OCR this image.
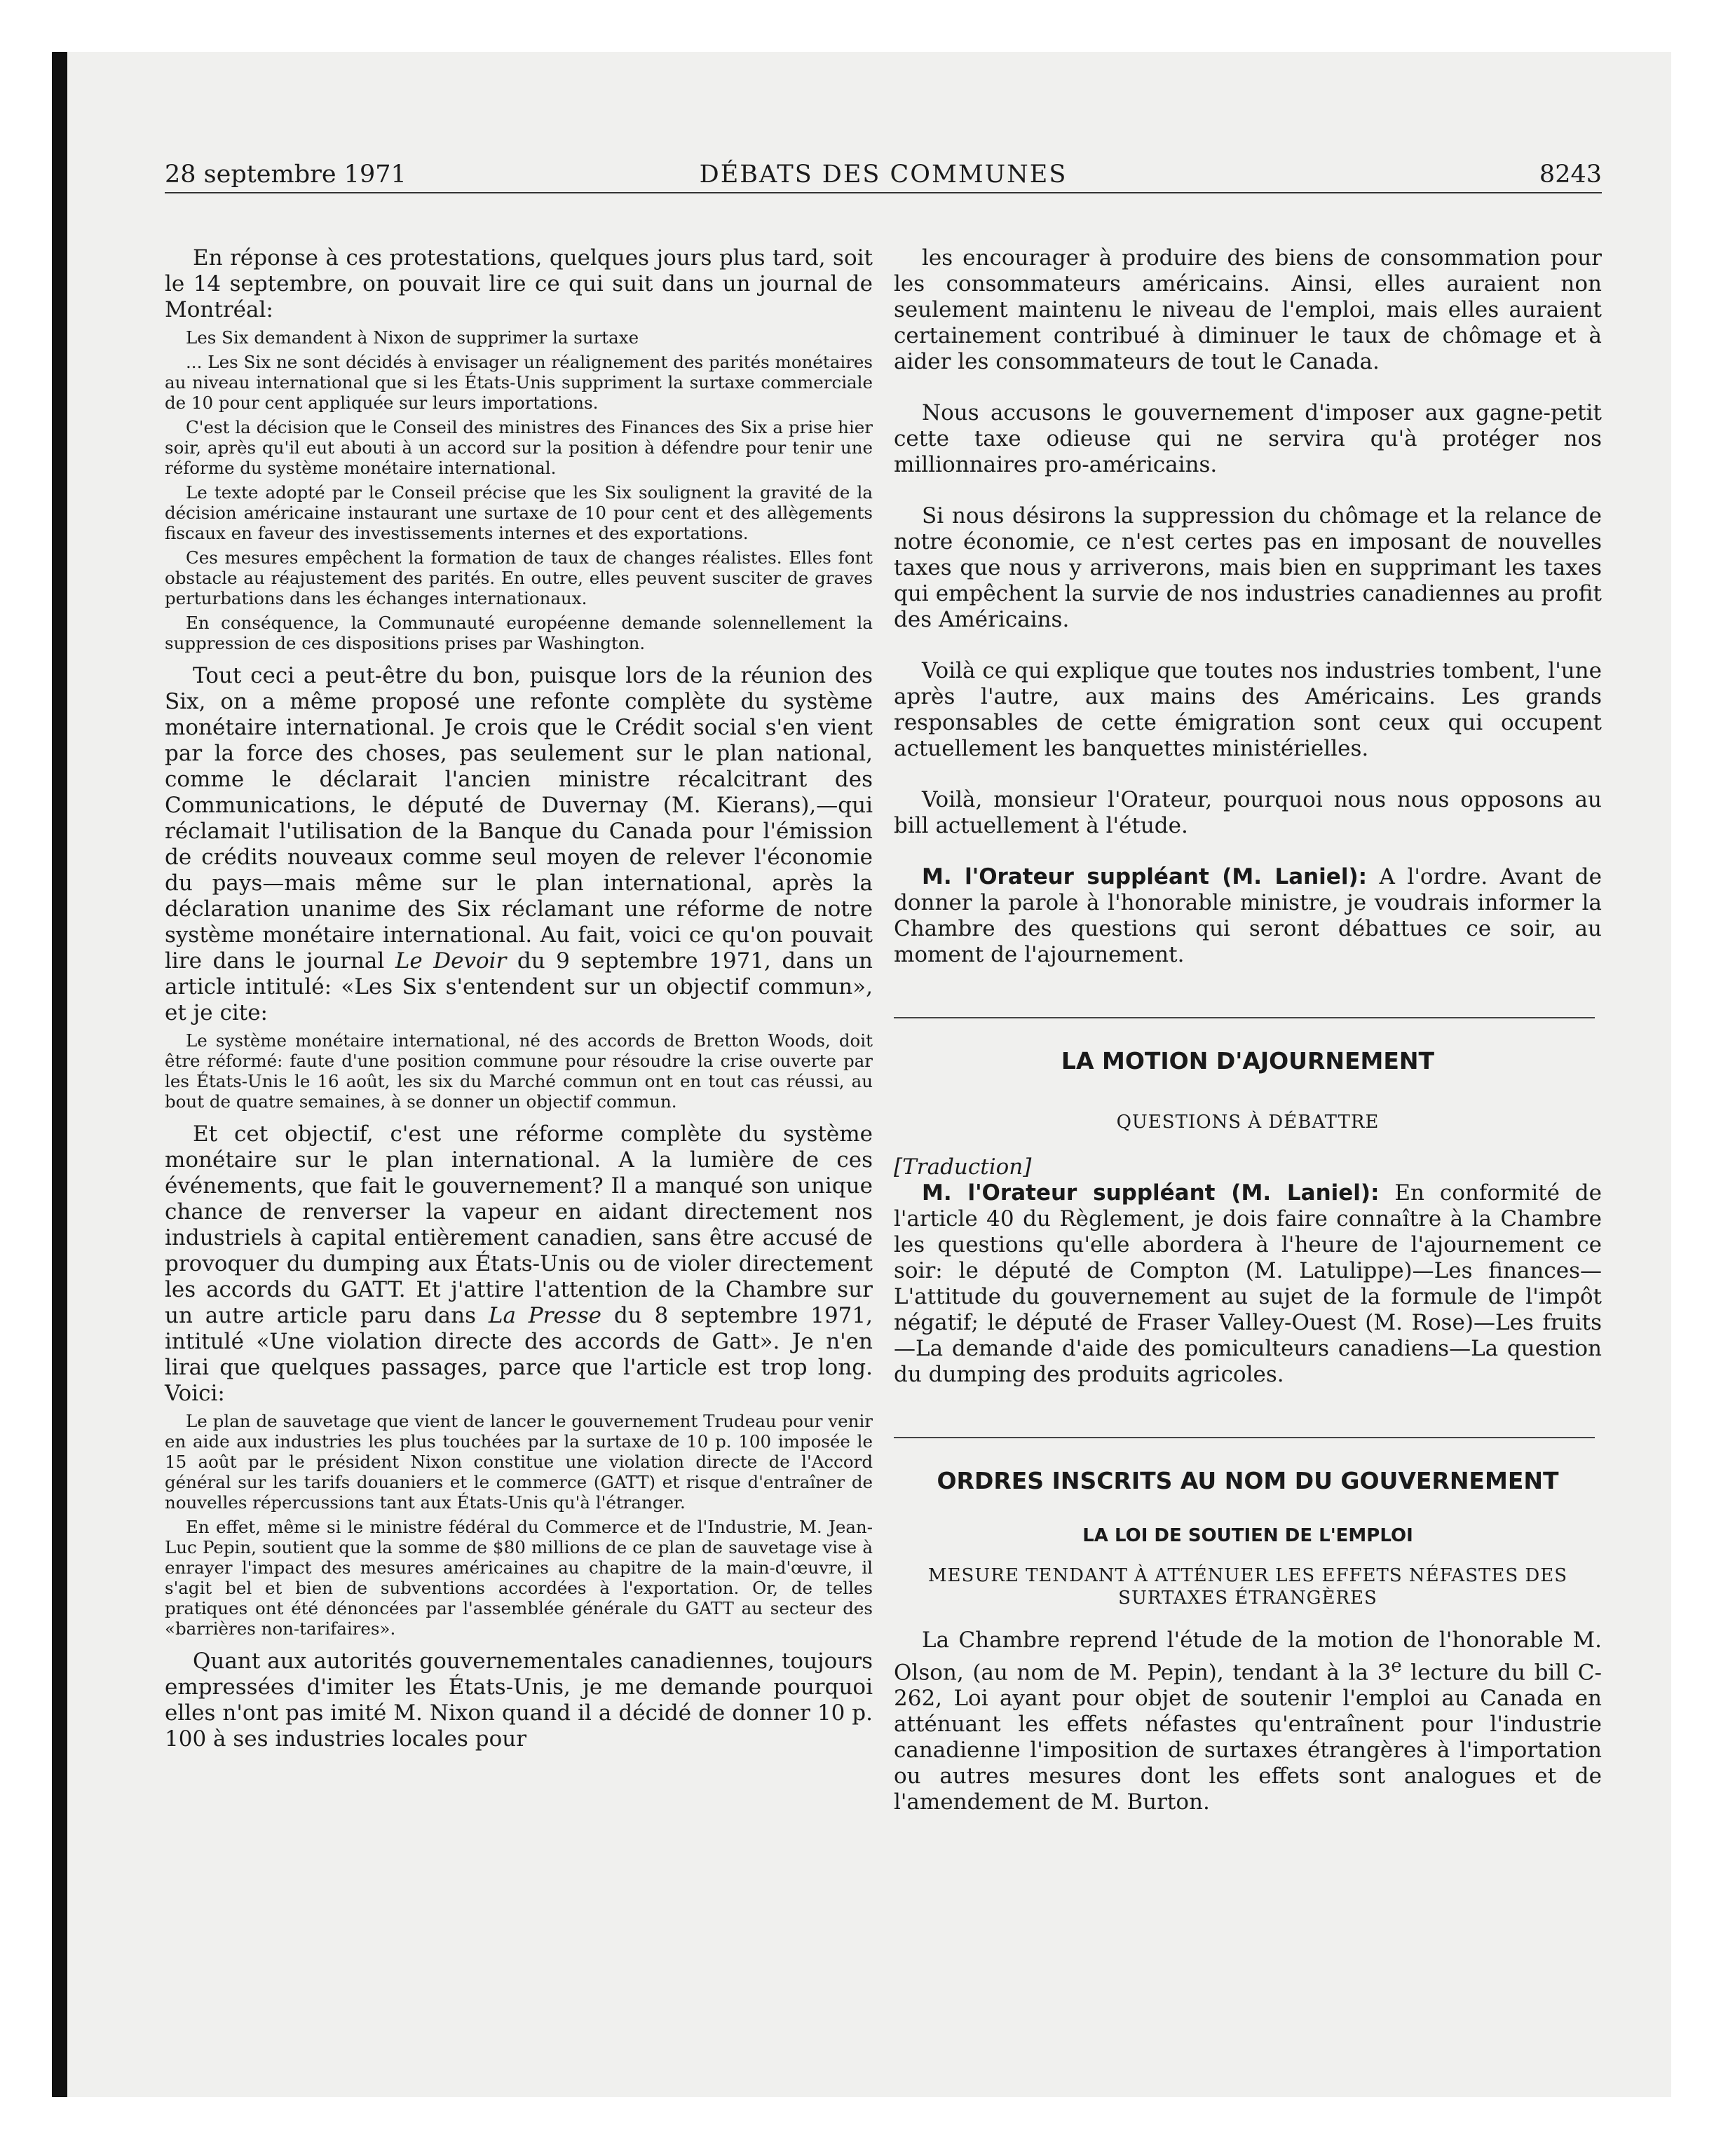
28 septembre 1971	DÉBATS DES COMMUNES	8243

En réponse à ces protestations, quelques jours plus tard, soit le 14 septembre, on pouvait lire ce qui suit dans un journal de Montréal:

Les Six demandent à Nixon de supprimer la surtaxe

... Les Six ne sont décidés à envisager un réalignement des parités monétaires au niveau international que si les États-Unis suppriment la surtaxe commerciale de 10 pour cent appliquée sur leurs importations.

C'est la décision que le Conseil des ministres des Finances des Six a prise hier soir, après qu'il eut abouti à un accord sur la position à défendre pour tenir une réforme du système monétaire international.

Le texte adopté par le Conseil précise que les Six soulignent la gravité de la décision américaine instaurant une surtaxe de 10 pour cent et des allègements fiscaux en faveur des investissements internes et des exportations.

Ces mesures empêchent la formation de taux de changes réalistes. Elles font obstacle au réajustement des parités. En outre, elles peuvent susciter de graves perturbations dans les échanges internationaux.

En conséquence, la Communauté européenne demande solennellement la suppression de ces dispositions prises par Washington.

Tout ceci a peut-être du bon, puisque lors de la réunion des Six, on a même proposé une refonte complète du système monétaire international. Je crois que le Crédit social s'en vient par la force des choses, pas seulement sur le plan national, comme le déclarait l'ancien ministre récalcitrant des Communications, le député de Duvernay (M. Kierans),—qui réclamait l'utilisation de la Banque du Canada pour l'émission de crédits nouveaux comme seul moyen de relever l'économie du pays—mais même sur le plan international, après la déclaration unanime des Six réclamant une réforme de notre système monétaire international. Au fait, voici ce qu'on pouvait lire dans le journal Le Devoir du 9 septembre 1971, dans un article intitulé: «Les Six s'entendent sur un objectif commun», et je cite:

Le système monétaire international, né des accords de Bretton Woods, doit être réformé: faute d'une position commune pour résoudre la crise ouverte par les États-Unis le 16 août, les six du Marché commun ont en tout cas réussi, au bout de quatre semaines, à se donner un objectif commun.

Et cet objectif, c'est une réforme complète du système monétaire sur le plan international. A la lumière de ces événements, que fait le gouvernement? Il a manqué son unique chance de renverser la vapeur en aidant directement nos industriels à capital entièrement canadien, sans être accusé de provoquer du dumping aux États-Unis ou de violer directement les accords du GATT. Et j'attire l'attention de la Chambre sur un autre article paru dans La Presse du 8 septembre 1971, intitulé «Une violation directe des accords de Gatt». Je n'en lirai que quelques passages, parce que l'article est trop long. Voici:

Le plan de sauvetage que vient de lancer le gouvernement Trudeau pour venir en aide aux industries les plus touchées par la surtaxe de 10 p. 100 imposée le 15 août par le président Nixon constitue une violation directe de l'Accord général sur les tarifs douaniers et le commerce (GATT) et risque d'entraîner de nouvelles répercussions tant aux États-Unis qu'à l'étranger.

En effet, même si le ministre fédéral du Commerce et de l'Industrie, M. Jean-Luc Pepin, soutient que la somme de $80 millions de ce plan de sauvetage vise à enrayer l'impact des mesures américaines au chapitre de la main-d'œuvre, il s'agit bel et bien de subventions accordées à l'exportation. Or, de telles pratiques ont été dénoncées par l'assemblée générale du GATT au secteur des «barrières non-tarifaires».

Quant aux autorités gouvernementales canadiennes, toujours empressées d'imiter les États-Unis, je me demande pourquoi elles n'ont pas imité M. Nixon quand il a décidé de donner 10 p. 100 à ses industries locales pour

les encourager à produire des biens de consommation pour les consommateurs américains. Ainsi, elles auraient non seulement maintenu le niveau de l'emploi, mais elles auraient certainement contribué à diminuer le taux de chômage et à aider les consommateurs de tout le Canada.

Nous accusons le gouvernement d'imposer aux gagne-petit cette taxe odieuse qui ne servira qu'à protéger nos millionnaires pro-américains.

Si nous désirons la suppression du chômage et la relance de notre économie, ce n'est certes pas en imposant de nouvelles taxes que nous y arriverons, mais bien en supprimant les taxes qui empêchent la survie de nos industries canadiennes au profit des Américains.

Voilà ce qui explique que toutes nos industries tombent, l'une après l'autre, aux mains des Américains. Les grands responsables de cette émigration sont ceux qui occupent actuellement les banquettes ministérielles.

Voilà, monsieur l'Orateur, pourquoi nous nous opposons au bill actuellement à l'étude.

M. l'Orateur suppléant (M. Laniel): A l'ordre. Avant de donner la parole à l'honorable ministre, je voudrais informer la Chambre des questions qui seront débattues ce soir, au moment de l'ajournement.

LA MOTION D'AJOURNEMENT
QUESTIONS À DÉBATTRE
[Traduction]

M. l'Orateur suppléant (M. Laniel): En conformité de l'article 40 du Règlement, je dois faire connaître à la Chambre les questions qu'elle abordera à l'heure de l'ajournement ce soir: le député de Compton (M. Latulippe)—Les finances—L'attitude du gouvernement au sujet de la formule de l'impôt négatif; le député de Fraser Valley-Ouest (M. Rose)—Les fruits—La demande d'aide des pomiculteurs canadiens—La question du dumping des produits agricoles.

ORDRES INSCRITS AU NOM DU GOUVERNEMENT
LA LOI DE SOUTIEN DE L'EMPLOI
MESURE TENDANT À ATTÉNUER LES EFFETS NÉFASTES DES SURTAXES ÉTRANGÈRES

La Chambre reprend l'étude de la motion de l'honorable M. Olson, (au nom de M. Pepin), tendant à la 3e lecture du bill C-262, Loi ayant pour objet de soutenir l'emploi au Canada en atténuant les effets néfastes qu'entraînent pour l'industrie canadienne l'imposition de surtaxes étrangères à l'importation ou autres mesures dont les effets sont analogues et de l'amendement de M. Burton.
